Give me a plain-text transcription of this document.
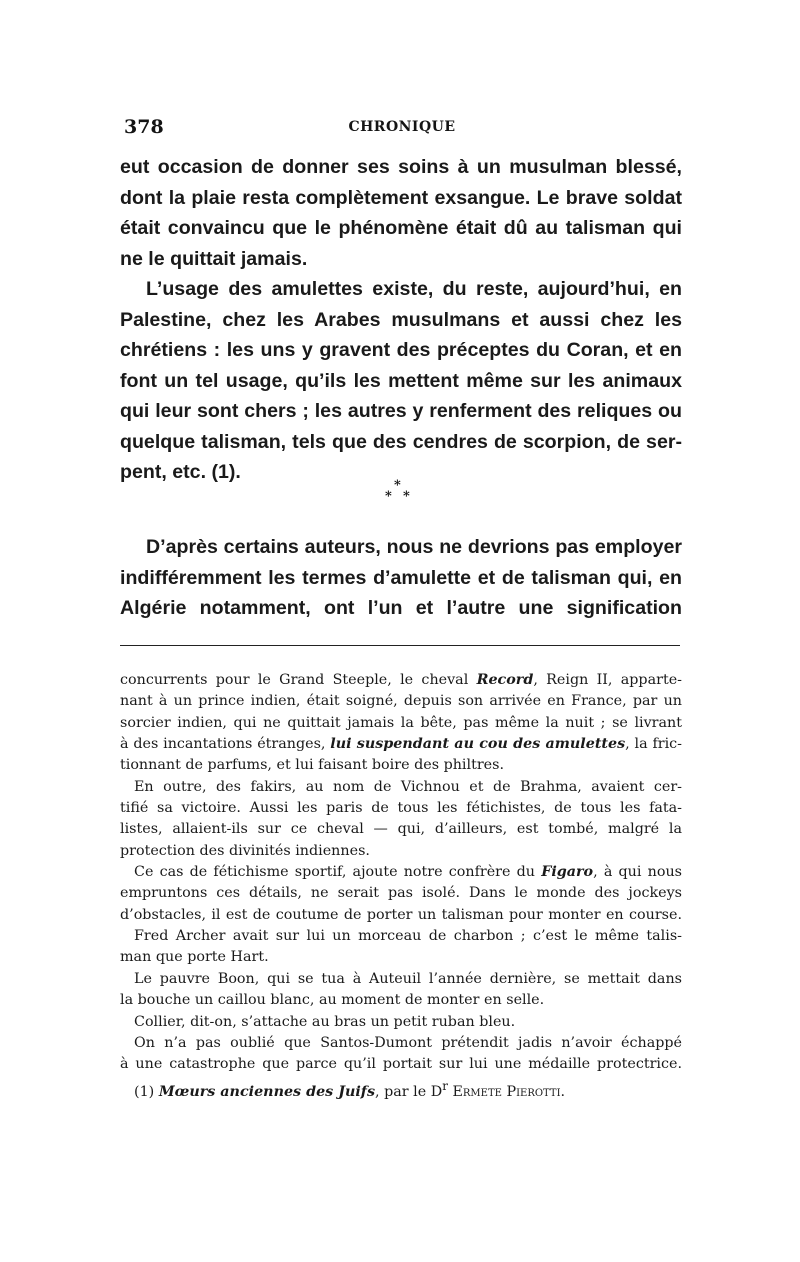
378	CHRONIQUE
eut occasion de donner ses soins à un musulman blessé,
dont la plaie resta complètement exsangue. Le brave soldat
était convaincu que le phénomène était dû au talisman qui
ne le quittait jamais.
L’usage des amulettes existe, du reste, aujourd’hui, en
Palestine, chez les Arabes musulmans et aussi chez les
chrétiens : les uns y gravent des préceptes du Coran, et en
font un tel usage, qu’ils les mettent même sur les animaux
qui leur sont chers ; les autres y renferment des reliques ou
quelque talisman, tels que des cendres de scorpion, de ser-
pent, etc. (1).
*
* *
D’après certains auteurs, nous ne devrions pas employer
indifféremment les termes d’amulette et de talisman qui, en
Algérie notamment, ont l’un et l’autre une signification
concurrents pour le Grand Steeple, le cheval Record, Reign II, apparte-
nant à un prince indien, était soigné, depuis son arrivée en France, par un
sorcier indien, qui ne quittait jamais la bête, pas même la nuit ; se livrant
à des incantations étranges, lui suspendant au cou des amulettes, la fric-
tionnant de parfums, et lui faisant boire des philtres.
En outre, des fakirs, au nom de Vichnou et de Brahma, avaient cer-
tifié sa victoire. Aussi les paris de tous les fétichistes, de tous les fata-
listes, allaient-ils sur ce cheval — qui, d’ailleurs, est tombé, malgré la
protection des divinités indiennes.
Ce cas de fétichisme sportif, ajoute notre confrère du Figaro, à qui nous
empruntons ces détails, ne serait pas isolé. Dans le monde des jockeys
d’obstacles, il est de coutume de porter un talisman pour monter en course.
Fred Archer avait sur lui un morceau de charbon ; c’est le même talis-
man que porte Hart.
Le pauvre Boon, qui se tua à Auteuil l’année dernière, se mettait dans
la bouche un caillou blanc, au moment de monter en selle.
Collier, dit-on, s’attache au bras un petit ruban bleu.
On n’a pas oublié que Santos-Dumont prétendit jadis n’avoir échappé
à une catastrophe que parce qu’il portait sur lui une médaille protectrice.
(1) Mœurs anciennes des Juifs, par le $D^r$ Ermete Pierotti.
